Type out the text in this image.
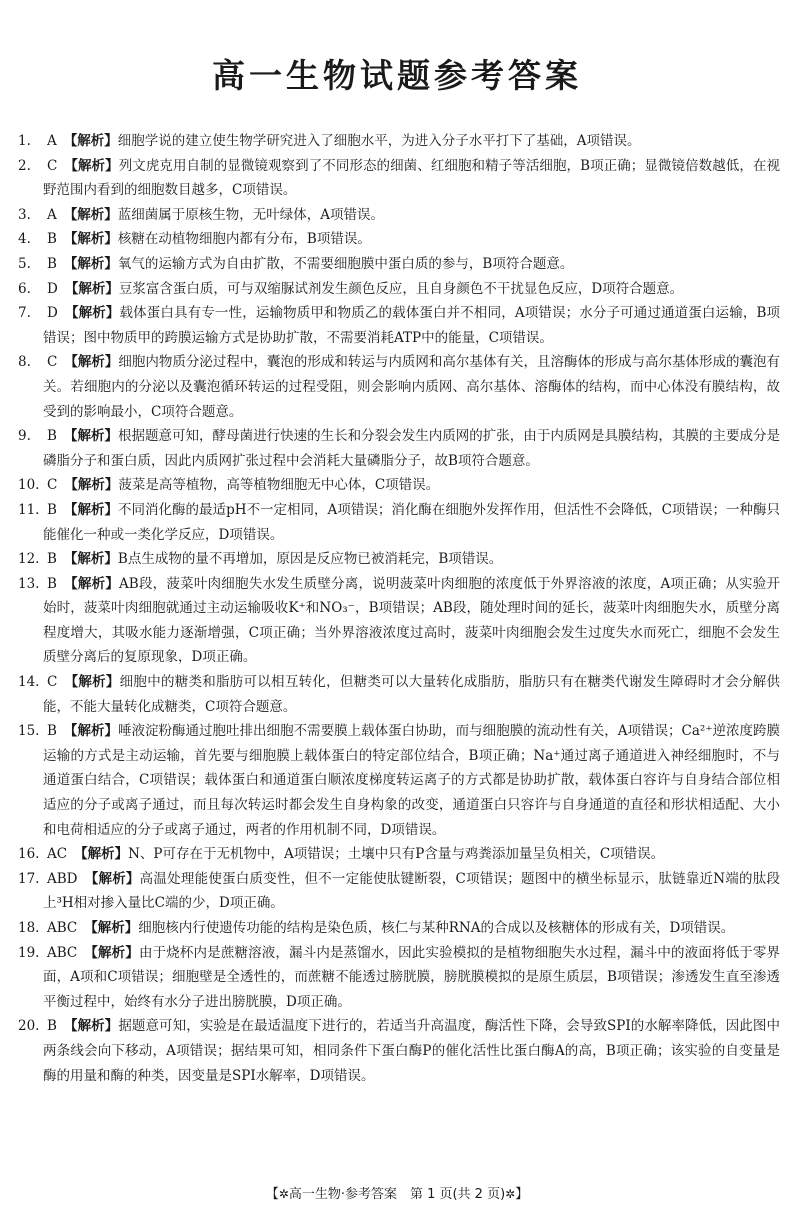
高一生物试题参考答案
1. A 【解析】细胞学说的建立使生物学研究进入了细胞水平，为进入分子水平打下了基础，A项错误。
2. C 【解析】列文虎克用自制的显微镜观察到了不同形态的细菌、红细胞和精子等活细胞，B项正确；显微镜倍数越低，在视野范围内看到的细胞数目越多，C项错误。
3. A 【解析】蓝细菌属于原核生物，无叶绿体，A项错误。
4. B 【解析】核糖在动植物细胞内都有分布，B项错误。
5. B 【解析】氧气的运输方式为自由扩散，不需要细胞膜中蛋白质的参与，B项符合题意。
6. D 【解析】豆浆富含蛋白质，可与双缩脲试剂发生颜色反应，且自身颜色不干扰显色反应，D项符合题意。
7. D 【解析】载体蛋白具有专一性，运输物质甲和物质乙的载体蛋白并不相同，A项错误；水分子可通过通道蛋白运输，B项错误；图中物质甲的跨膜运输方式是协助扩散，不需要消耗ATP中的能量，C项错误。
8. C 【解析】细胞内物质分泌过程中，囊泡的形成和转运与内质网和高尔基体有关，且溶酶体的形成与高尔基体形成的囊泡有关。若细胞内的分泌以及囊泡循环转运的过程受阻，则会影响内质网、高尔基体、溶酶体的结构，而中心体没有膜结构，故受到的影响最小，C项符合题意。
9. B 【解析】根据题意可知，酵母菌进行快速的生长和分裂会发生内质网的扩张，由于内质网是具膜结构，其膜的主要成分是磷脂分子和蛋白质，因此内质网扩张过程中会消耗大量磷脂分子，故B项符合题意。
10. C 【解析】菠菜是高等植物，高等植物细胞无中心体，C项错误。
11. B 【解析】不同消化酶的最适pH不一定相同，A项错误；消化酶在细胞外发挥作用，但活性不会降低，C项错误；一种酶只能催化一种或一类化学反应，D项错误。
12. B 【解析】B点生成物的量不再增加，原因是反应物已被消耗完，B项错误。
13. B 【解析】AB段，菠菜叶肉细胞失水发生质壁分离，说明菠菜叶肉细胞的浓度低于外界溶液的浓度，A项正确；从实验开始时，菠菜叶肉细胞就通过主动运输吸收K⁺和NO₃⁻，B项错误；AB段，随处理时间的延长，菠菜叶肉细胞失水，质壁分离程度增大，其吸水能力逐渐增强，C项正确；当外界溶液浓度过高时，菠菜叶肉细胞会发生过度失水而死亡，细胞不会发生质壁分离后的复原现象，D项正确。
14. C 【解析】细胞中的糖类和脂肪可以相互转化，但糖类可以大量转化成脂肪，脂肪只有在糖类代谢发生障碍时才会分解供能，不能大量转化成糖类，C项符合题意。
15. B 【解析】唾液淀粉酶通过胞吐排出细胞不需要膜上载体蛋白协助，而与细胞膜的流动性有关，A项错误；Ca²⁺逆浓度跨膜运输的方式是主动运输，首先要与细胞膜上载体蛋白的特定部位结合，B项正确；Na⁺通过离子通道进入神经细胞时，不与通道蛋白结合，C项错误；载体蛋白和通道蛋白顺浓度梯度转运离子的方式都是协助扩散，载体蛋白容许与自身结合部位相适应的分子或离子通过，而且每次转运时都会发生自身构象的改变，通道蛋白只容许与自身通道的直径和形状相适配、大小和电荷相适应的分子或离子通过，两者的作用机制不同，D项错误。
16. AC 【解析】N、P可存在于无机物中，A项错误；土壤中只有P含量与鸡粪添加量呈负相关，C项错误。
17. ABD 【解析】高温处理能使蛋白质变性，但不一定能使肽键断裂，C项错误；题图中的横坐标显示，肽链靠近N端的肽段上³H相对掺入量比C端的少，D项正确。
18. ABC 【解析】细胞核内行使遗传功能的结构是染色质，核仁与某种RNA的合成以及核糖体的形成有关，D项错误。
19. ABC 【解析】由于烧杯内是蔗糖溶液，漏斗内是蒸馏水，因此实验模拟的是植物细胞失水过程，漏斗中的液面将低于零界面，A项和C项错误；细胞壁是全透性的，而蔗糖不能透过膀胱膜，膀胱膜模拟的是原生质层，B项错误；渗透发生直至渗透平衡过程中，始终有水分子进出膀胱膜，D项正确。
20. B 【解析】据题意可知，实验是在最适温度下进行的，若适当升高温度，酶活性下降，会导致SPI的水解率降低，因此图中两条线会向下移动，A项错误；据结果可知，相同条件下蛋白酶P的催化活性比蛋白酶A的高，B项正确；该实验的自变量是酶的用量和酶的种类，因变量是SPI水解率，D项错误。
【✲高一生物·参考答案　第 1 页(共 2 页)✲】
